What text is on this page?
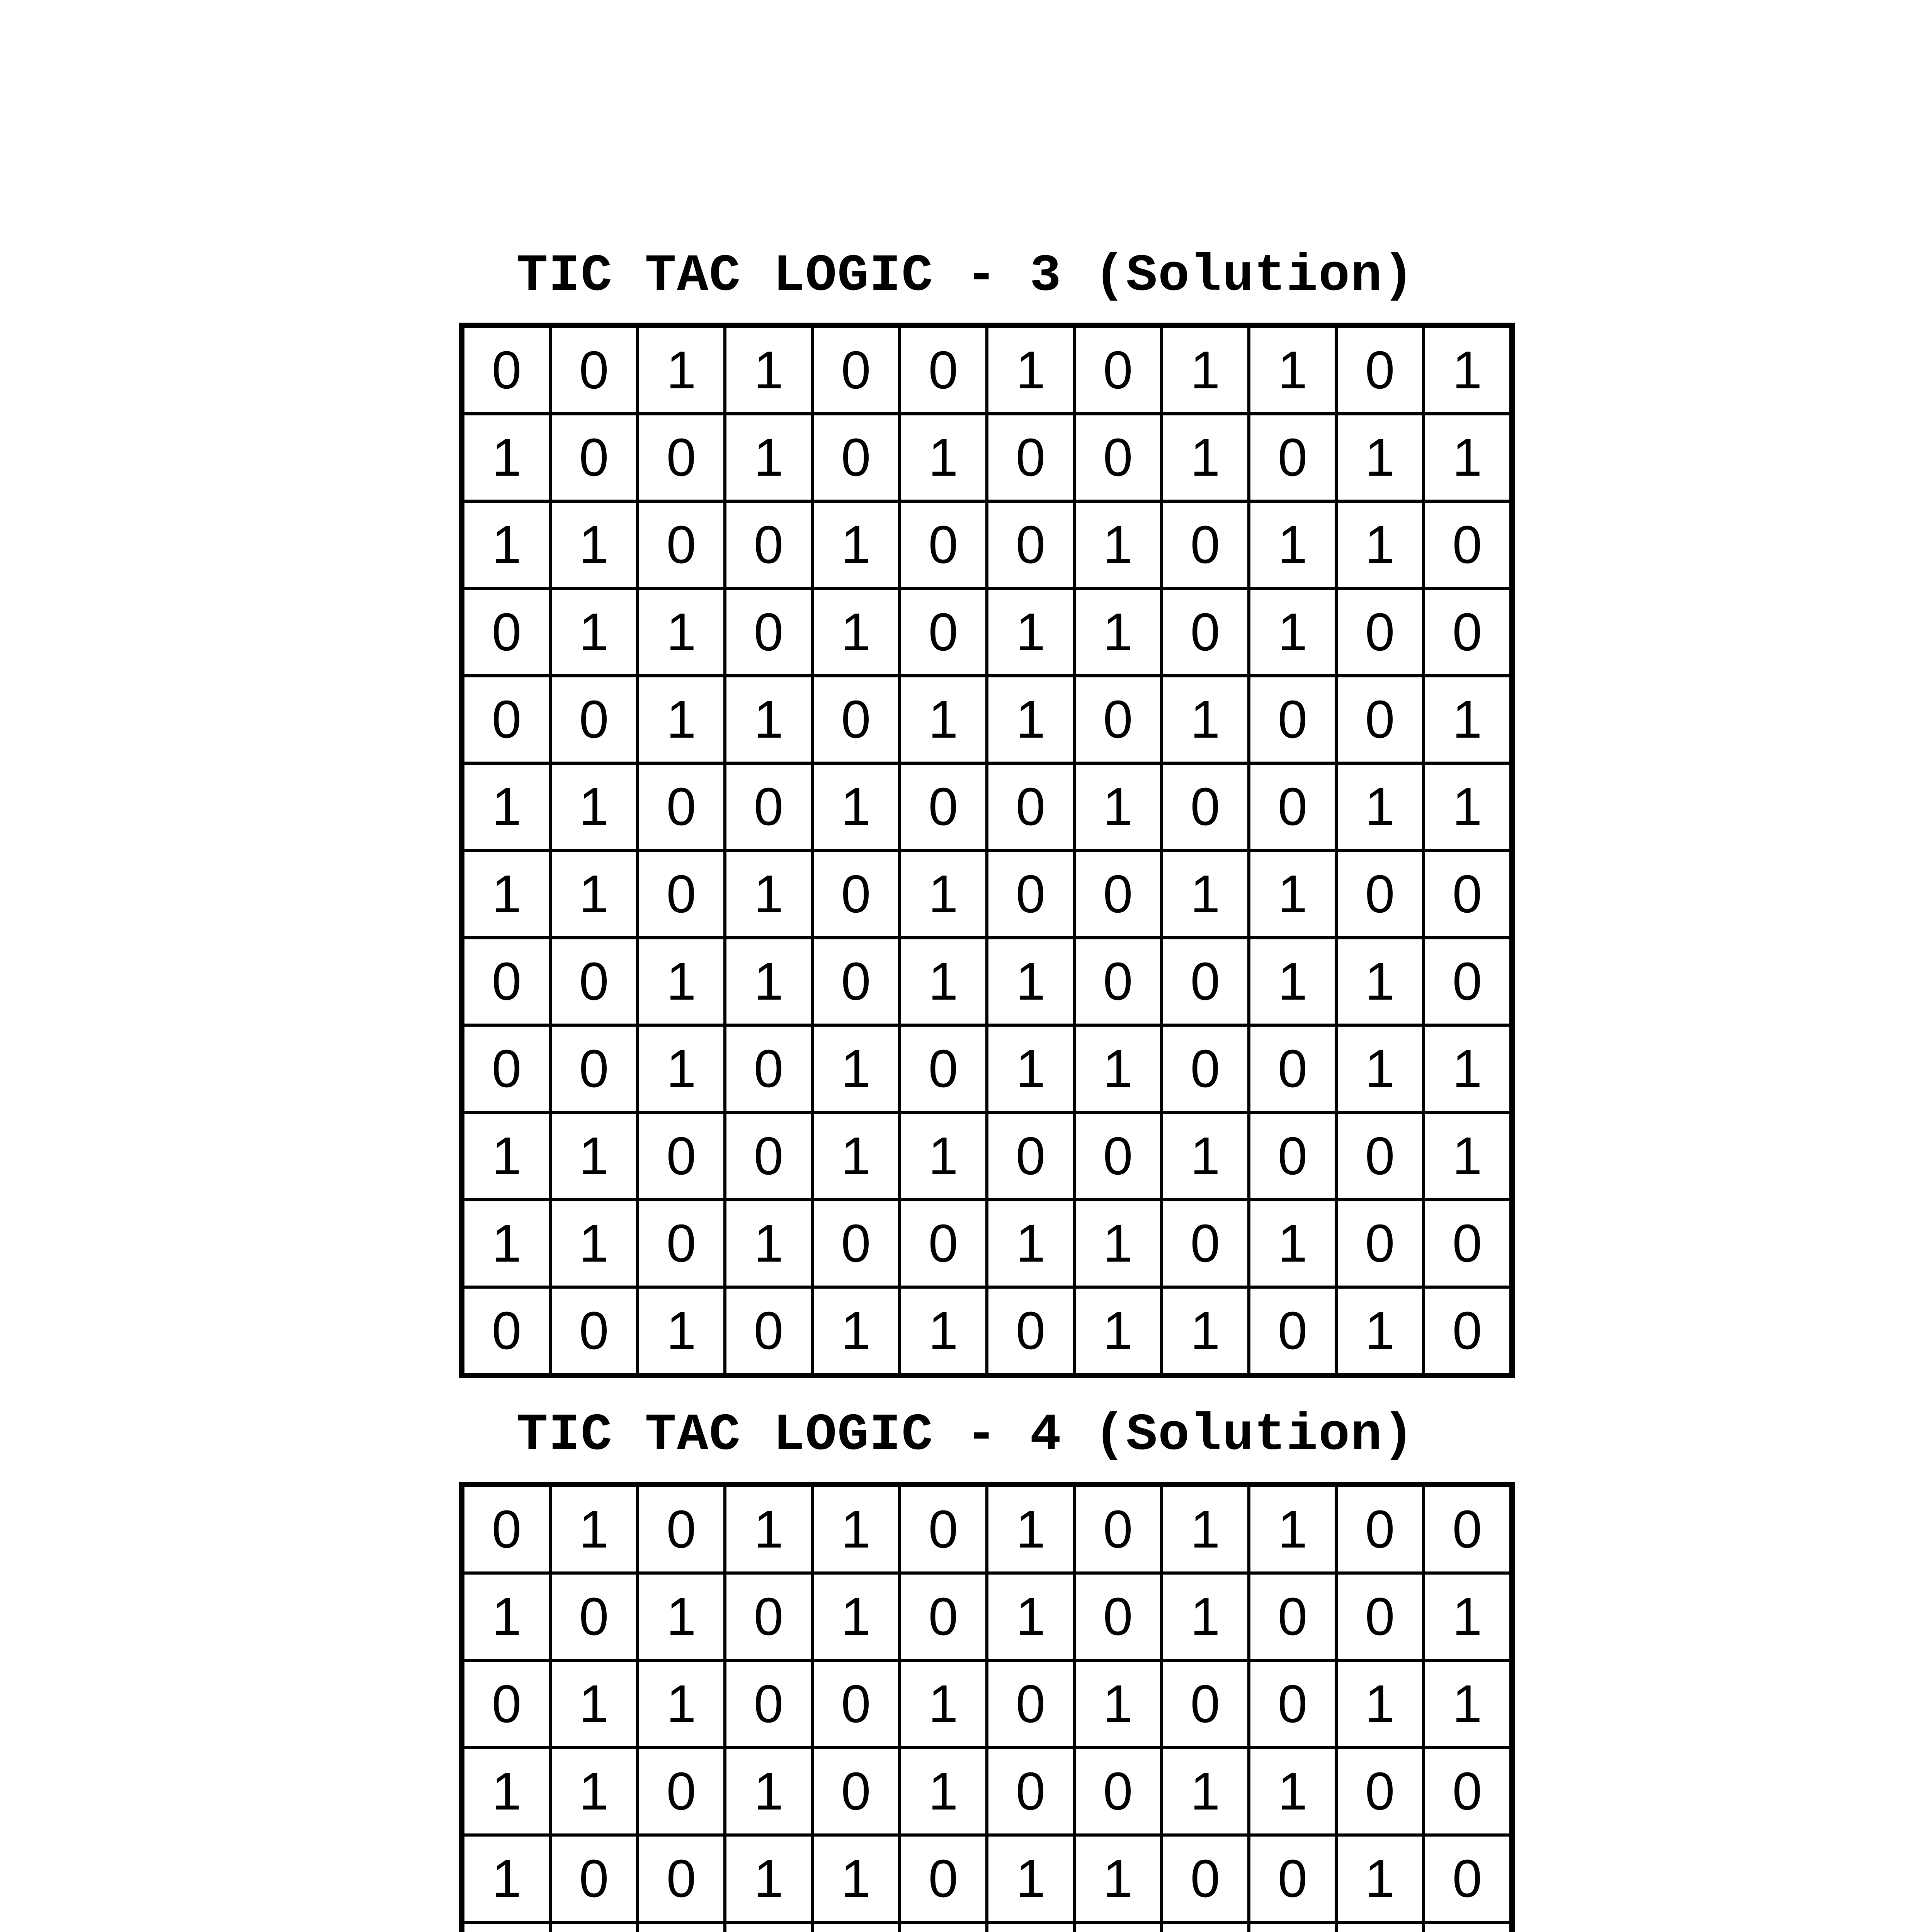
TIC TAC LOGIC - 3 (Solution)
0	0	1	1	0	0	1	0	1	1	0	1
1	0	0	1	0	1	0	0	1	0	1	1
1	1	0	0	1	0	0	1	0	1	1	0
0	1	1	0	1	0	1	1	0	1	0	0
0	0	1	1	0	1	1	0	1	0	0	1
1	1	0	0	1	0	0	1	0	0	1	1
1	1	0	1	0	1	0	0	1	1	0	0
0	0	1	1	0	1	1	0	0	1	1	0
0	0	1	0	1	0	1	1	0	0	1	1
1	1	0	0	1	1	0	0	1	0	0	1
1	1	0	1	0	0	1	1	0	1	0	0
0	0	1	0	1	1	0	1	1	0	1	0
TIC TAC LOGIC - 4 (Solution)
0	1	0	1	1	0	1	0	1	1	0	0
1	0	1	0	1	0	1	0	1	0	0	1
0	1	1	0	0	1	0	1	0	0	1	1
1	1	0	1	0	1	0	0	1	1	0	0
1	0	0	1	1	0	1	1	0	0	1	0
